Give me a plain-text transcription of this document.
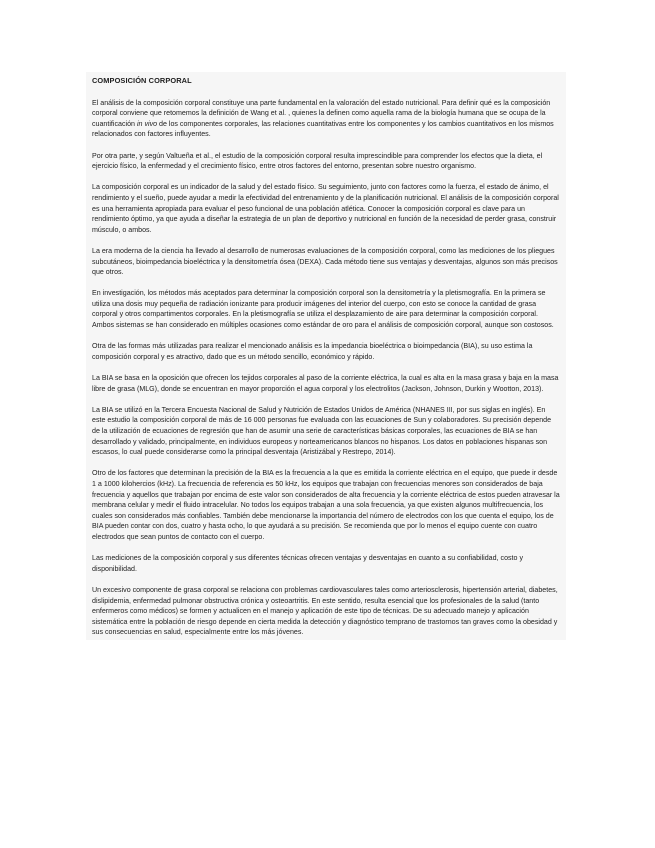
COMPOSICIÓN CORPORAL

El análisis de la composición corporal constituye una parte fundamental en la valoración del estado nutricional. Para definir qué es la composición corporal conviene que retomemos la definición de Wang et al. , quienes la definen como aquella rama de la biología humana que se ocupa de la cuantificación in vivo de los componentes corporales, las relaciones cuantitativas entre los componentes y los cambios cuantitativos en los mismos relacionados con factores influyentes.

Por otra parte, y según Valtueña et al., el estudio de la composición corporal resulta imprescindible para comprender los efectos que la dieta, el ejercicio físico, la enfermedad y el crecimiento físico, entre otros factores del entorno, presentan sobre nuestro organismo.

La composición corporal es un indicador de la salud y del estado físico. Su seguimiento, junto con factores como la fuerza, el estado de ánimo, el rendimiento y el sueño, puede ayudar a medir la efectividad del entrenamiento y de la planificación nutricional. El análisis de la composición corporal es una herramienta apropiada para evaluar el peso funcional de una población atlética. Conocer la composición corporal es clave para un rendimiento óptimo, ya que ayuda a diseñar la estrategia de un plan de deportivo y nutricional en función de la necesidad de perder grasa, construir músculo, o ambos.

La era moderna de la ciencia ha llevado al desarrollo de numerosas evaluaciones de la composición corporal, como las mediciones de los pliegues subcutáneos, bioimpedancia bioeléctrica y la densitometría ósea (DEXA). Cada método tiene sus ventajas y desventajas, algunos son más precisos que otros.

En investigación, los métodos más aceptados para determinar la composición corporal son la densitometría y la pletismografía. En la primera se utiliza una dosis muy pequeña de radiación ionizante para producir imágenes del interior del cuerpo, con esto se conoce la cantidad de grasa corporal y otros compartimentos corporales. En la pletismografía se utiliza el desplazamiento de aire para determinar la composición corporal. Ambos sistemas se han considerado en múltiples ocasiones como estándar de oro para el análisis de composición corporal, aunque son costosos.

Otra de las formas más utilizadas para realizar el mencionado análisis es la impedancia bioeléctrica o bioimpedancia (BIA), su uso estima la composición corporal y es atractivo, dado que es un método sencillo, económico y rápido.

La BIA se basa en la oposición que ofrecen los tejidos corporales al paso de la corriente eléctrica, la cual es alta en la masa grasa y baja en la masa libre de grasa (MLG), donde se encuentran en mayor proporción el agua corporal y los electrolitos (Jackson, Johnson, Durkin y Wootton, 2013).

La BIA se utilizó en la Tercera Encuesta Nacional de Salud y Nutrición de Estados Unidos de América (NHANES III, por sus siglas en inglés). En este estudio la composición corporal de más de 16 000 personas fue evaluada con las ecuaciones de Sun y colaboradores. Su precisión depende de la utilización de ecuaciones de regresión que han de asumir una serie de características básicas corporales, las ecuaciones de BIA se han desarrollado y validado, principalmente, en individuos europeos y norteamericanos blancos no hispanos. Los datos en poblaciones hispanas son escasos, lo cual puede considerarse como la principal desventaja (Aristizábal y Restrepo, 2014).

Otro de los factores que determinan la precisión de la BIA es la frecuencia a la que es emitida la corriente eléctrica en el equipo, que puede ir desde 1 a 1000 kilohercios (kHz). La frecuencia de referencia es 50 kHz, los equipos que trabajan con frecuencias menores son considerados de baja frecuencia y aquellos que trabajan por encima de este valor son considerados de alta frecuencia y la corriente eléctrica de estos pueden atravesar la membrana celular y medir el fluido intracelular. No todos los equipos trabajan a una sola frecuencia, ya que existen algunos multifrecuencia, los cuales son considerados más confiables. También debe mencionarse la importancia del número de electrodos con los que cuenta el equipo, los de BIA pueden contar con dos, cuatro y hasta ocho, lo que ayudará a su precisión. Se recomienda que por lo menos el equipo cuente con cuatro electrodos que sean puntos de contacto con el cuerpo.

Las mediciones de la composición corporal y sus diferentes técnicas ofrecen ventajas y desventajas en cuanto a su confiabilidad, costo y disponibilidad.

Un excesivo componente de grasa corporal se relaciona con problemas cardiovasculares tales como arteriosclerosis, hipertensión arterial, diabetes, dislipidemia, enfermedad pulmonar obstructiva crónica y osteoartritis. En este sentido, resulta esencial que los profesionales de la salud (tanto enfermeros como médicos) se formen y actualicen en el manejo y aplicación de este tipo de técnicas. De su adecuado manejo y aplicación sistemática entre la población de riesgo depende en cierta medida la detección y diagnóstico temprano de trastornos tan graves como la obesidad y sus consecuencias en salud, especialmente entre los más jóvenes.
